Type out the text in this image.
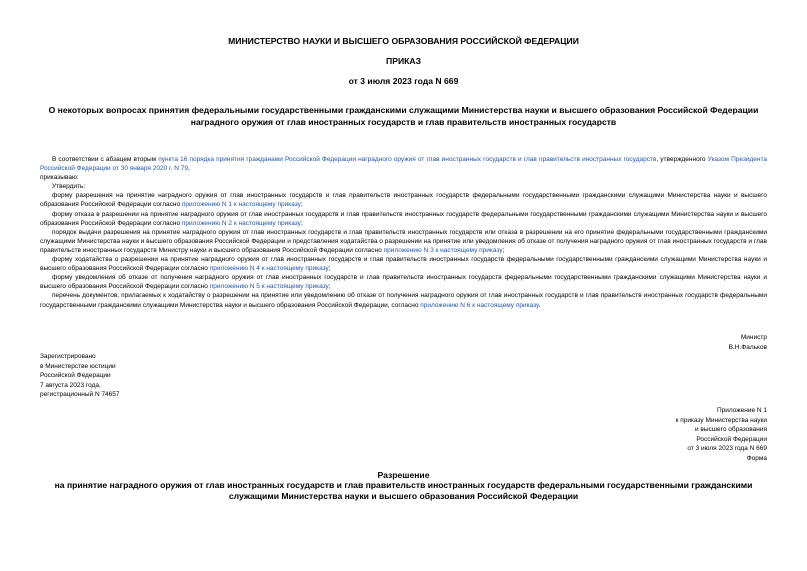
МИНИСТЕРСТВО НАУКИ И ВЫСШЕГО ОБРАЗОВАНИЯ РОССИЙСКОЙ ФЕДЕРАЦИИ
ПРИКАЗ
от 3 июля 2023 года N 669
О некоторых вопросах принятия федеральными государственными гражданскими служащими Министерства науки и высшего образования Российской Федерации наградного оружия от глав иностранных государств и глав правительств иностранных государств

В соответствии с абзацем вторым пункта 16 порядка принятия гражданами Российской Федерации наградного оружия от глав иностранных государств и глав правительств иностранных государств, утвержденного Указом Президента Российской Федерации от 30 января 2020 г. N 79,

приказываю:

Утвердить:

форму разрешения на принятие наградного оружия от глав иностранных государств и глав правительств иностранных государств федеральными государственными гражданскими служащими Министерства науки и высшего образования Российской Федерации согласно приложению N 1 к настоящему приказу;

форму отказа в разрешении на принятие наградного оружия от глав иностранных государств и глав правительств иностранных государств федеральными государственными гражданскими служащими Министерства науки и высшего образования Российской Федерации согласно приложению N 2 к настоящему приказу;

порядок выдачи разрешения на принятие наградного оружия от глав иностранных государств и глав правительств иностранных государств или отказа в разрешении на его принятие федеральными государственными гражданскими служащими Министерства науки и высшего образования Российской Федерации и представления ходатайства о разрешении на принятие или уведомления об отказе от получения наградного оружия от глав иностранных государств и глав правительств иностранных государств Министру науки и высшего образования Российской Федерации согласно приложению N 3 к настоящему приказу;

форму ходатайства о разрешении на принятие наградного оружия от глав иностранных государств и глав правительств иностранных государств федеральными государственными гражданскими служащими Министерства науки и высшего образования Российской Федерации согласно приложению N 4 к настоящему приказу;

форму уведомления об отказе от получения наградного оружия от глав иностранных государств и глав правительств иностранных государств федеральными государственными гражданскими служащими Министерства науки и высшего образования Российской Федерации согласно приложению N 5 к настоящему приказу;

перечень документов, прилагаемых к ходатайству о разрешении на принятие или уведомлению об отказе от получения наградного оружия от глав иностранных государств и глав правительств иностранных государств федеральными государственными гражданскими служащими Министерства науки и высшего образования Российской Федерации, согласно приложению N 6 к настоящему приказу.

Министр
В.Н.Фальков
Зарегистрировано
в Министерстве юстиции
Российской Федерации
7 августа 2023 года,
регистрационный N 74657
Приложение N 1
к приказу Министерства науки
и высшего образования
Российской Федерации
от 3 июля 2023 года N 669
Форма
Разрешение
на принятие наградного оружия от глав иностранных государств и глав правительств иностранных государств федеральными государственными гражданскими служащими Министерства науки и высшего образования Российской Федерации
